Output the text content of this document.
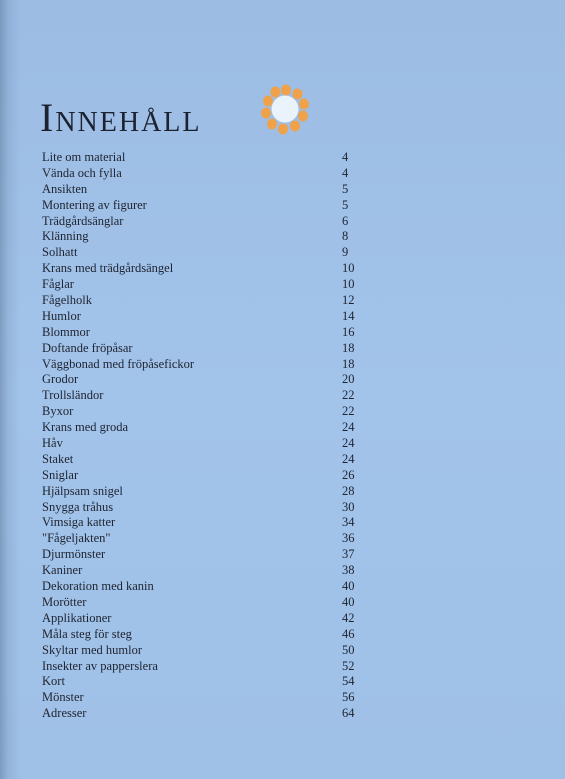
Innehåll
Lite om material	4
Vända och fylla	4
Ansikten	5
Montering av figurer	5
Trädgårdsänglar	6
Klänning	8
Solhatt	9
Krans med trädgårdsängel	10
Fåglar	10
Fågelholk	12
Humlor	14
Blommor	16
Doftande fröpåsar	18
Väggbonad med fröpåsefickor	18
Grodor	20
Trollsländor	22
Byxor	22
Krans med groda	24
Håv	24
Staket	24
Sniglar	26
Hjälpsam snigel	28
Snygga tråhus	30
Vimsiga katter	34
"Fågeljakten"	36
Djurmönster	37
Kaniner	38
Dekoration med kanin	40
Morötter	40
Applikationer	42
Måla steg för steg	46
Skyltar med humlor	50
Insekter av papperslera	52
Kort	54
Mönster	56
Adresser	64
